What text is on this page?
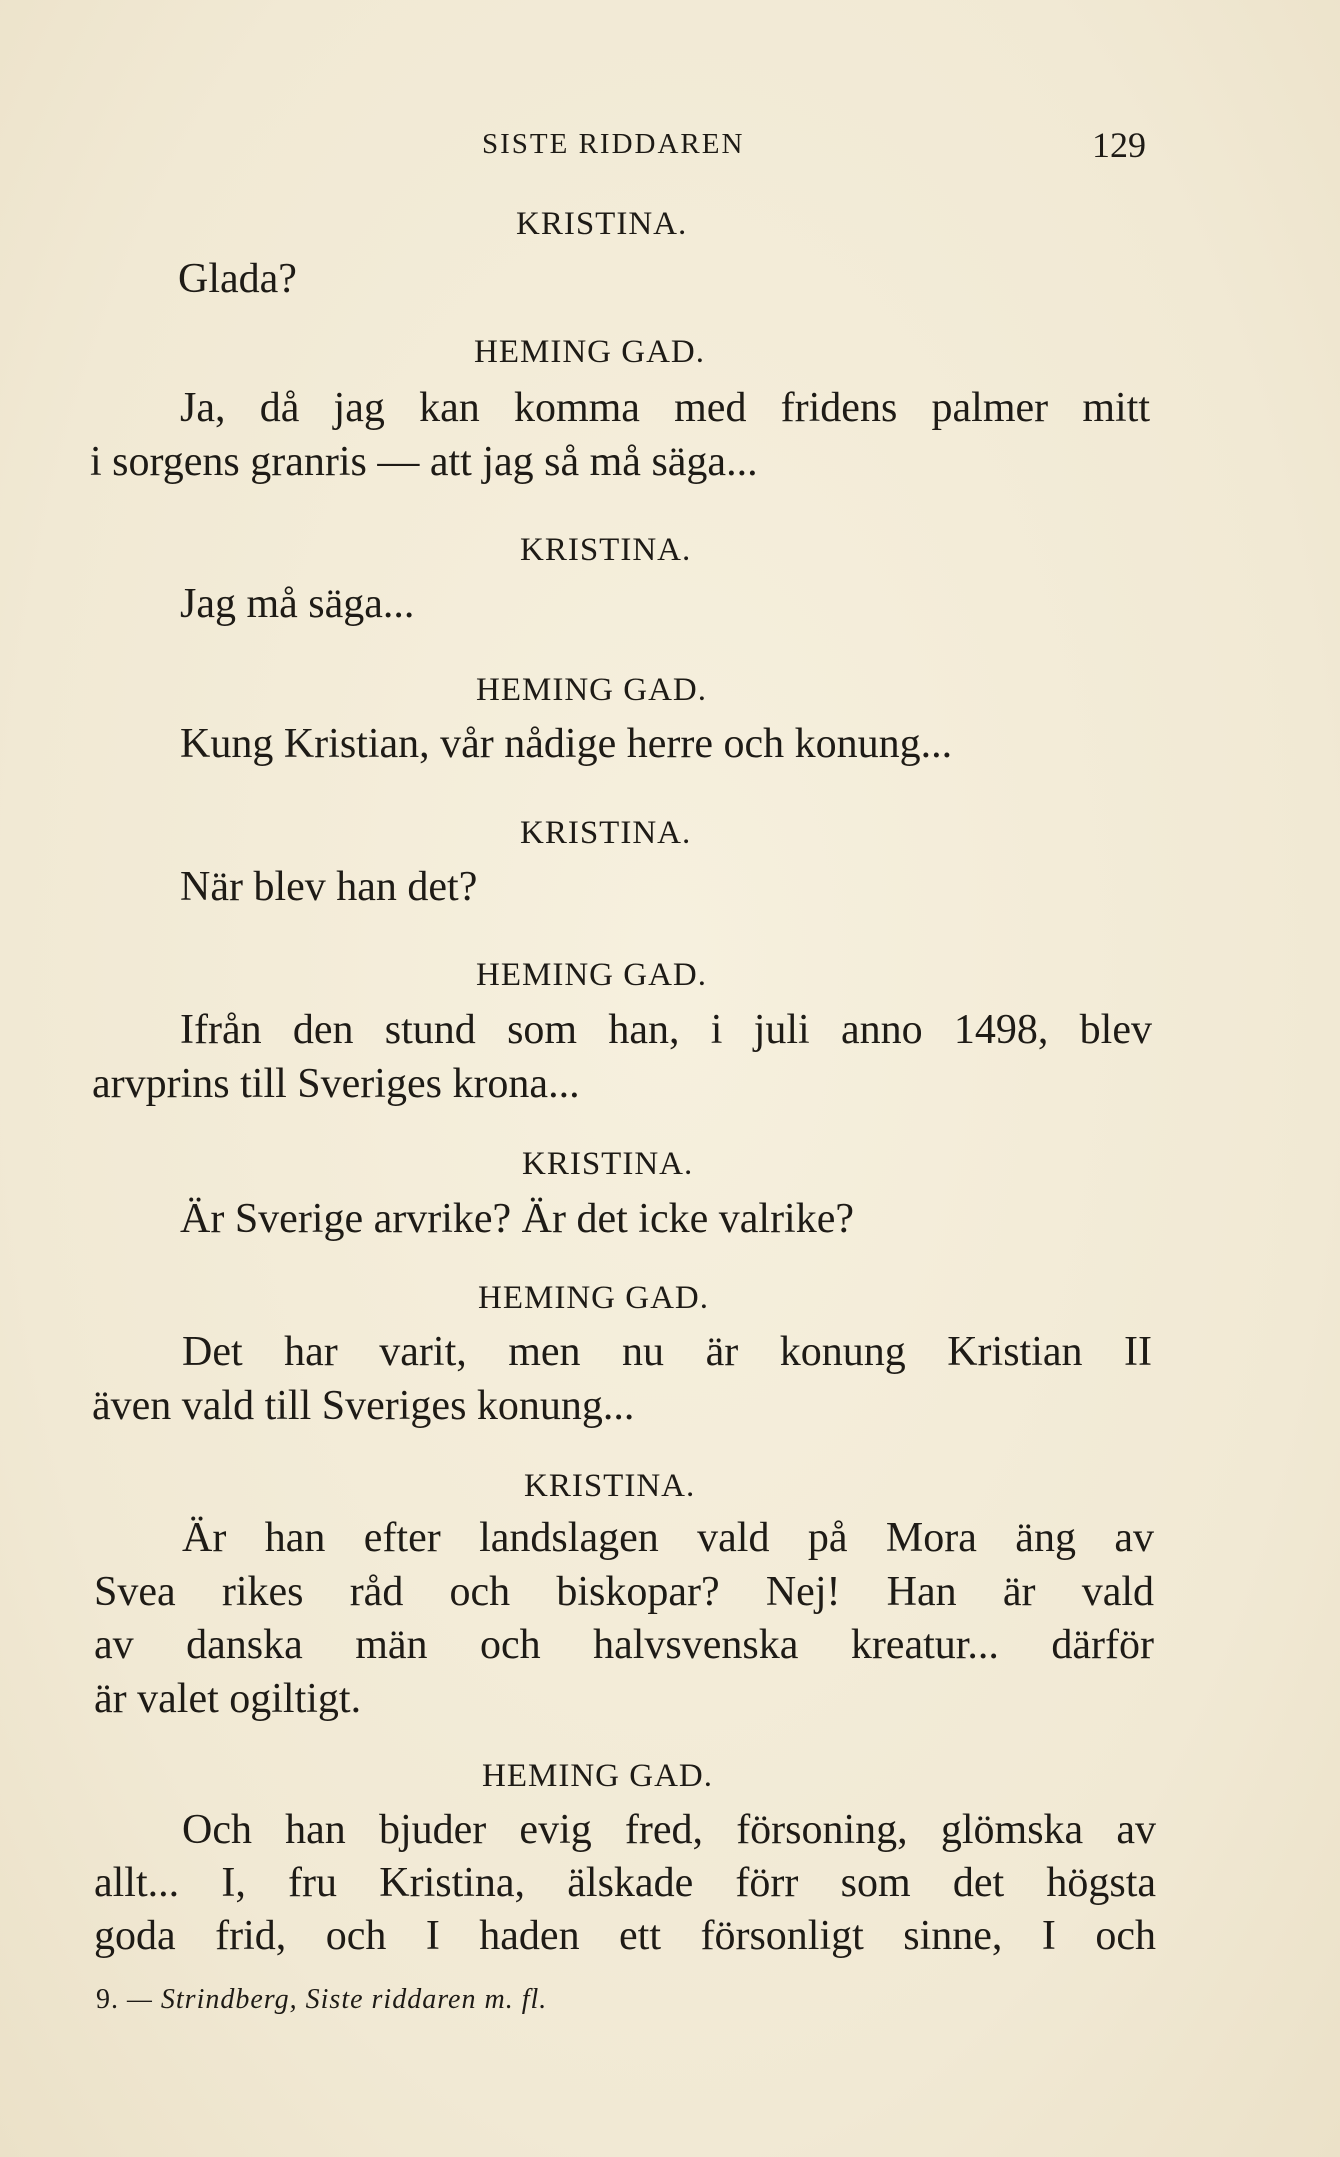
SISTE RIDDAREN	129
KRISTINA.
Glada?
HEMING GAD.
Ja, då jag kan komma med fridens palmer mitt
i sorgens granris — att jag så må säga...
KRISTINA.
Jag må säga...
HEMING GAD.
Kung Kristian, vår nådige herre och konung...
KRISTINA.
När blev han det?
HEMING GAD.
Ifrån den stund som han, i juli anno 1498, blev
arvprins till Sveriges krona...
KRISTINA.
Är Sverige arvrike? Är det icke valrike?
HEMING GAD.
Det har varit, men nu är konung Kristian II
även vald till Sveriges konung...
KRISTINA.
Är han efter landslagen vald på Mora äng av
Svea rikes råd och biskopar? Nej! Han är vald
av danska män och halvsvenska kreatur... därför
är valet ogiltigt.
HEMING GAD.
Och han bjuder evig fred, försoning, glömska av
allt... I, fru Kristina, älskade förr som det högsta
goda frid, och I haden ett försonligt sinne, I och
9. — Strindberg, Siste riddaren m. fl.
